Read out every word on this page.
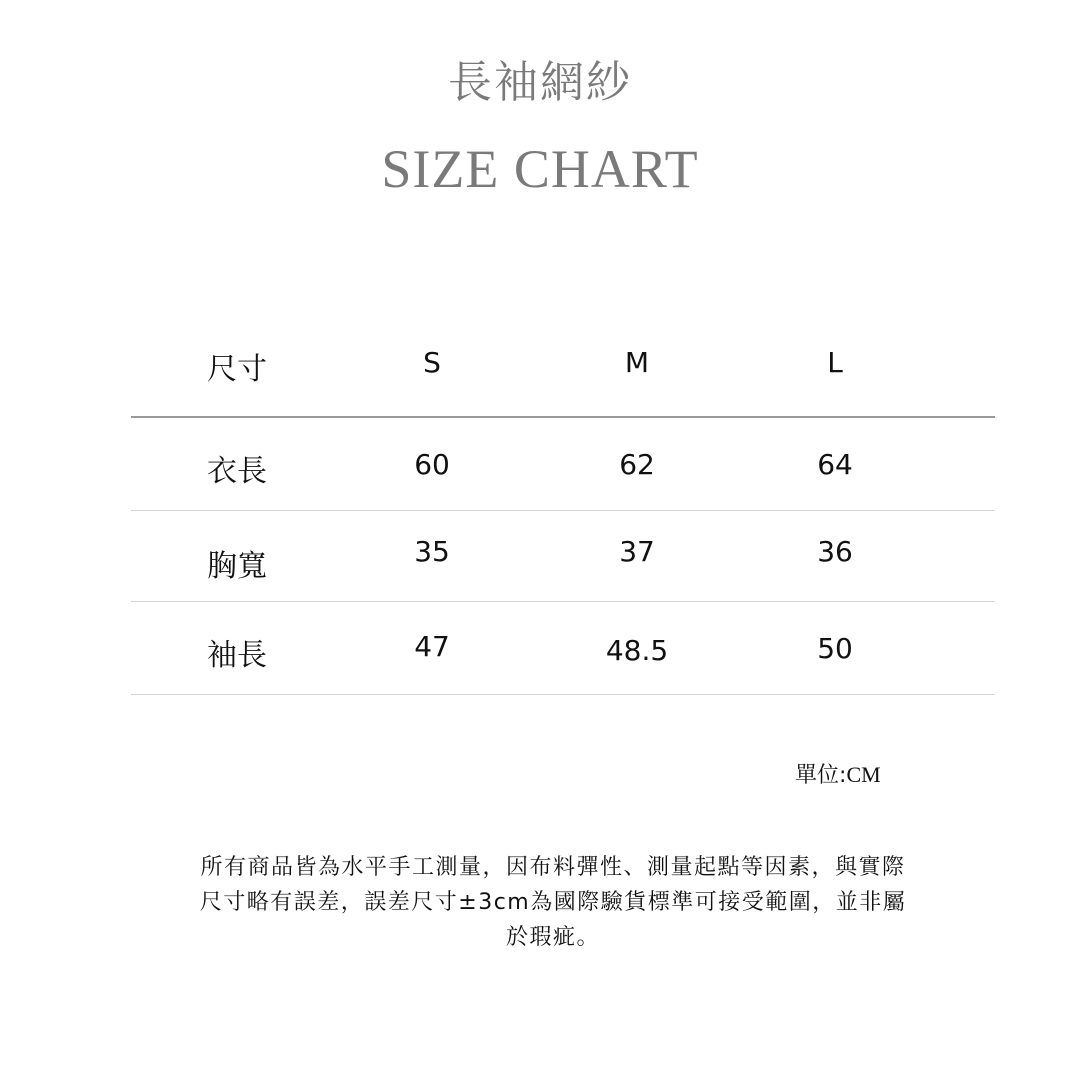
長袖網紗
SIZE CHART
尺寸	S	M	L
衣長	60	62	64
胸寬	35	37	36
袖長	47	48.5	50
單位:CM
所有商品皆為水平手工測量，因布料彈性、測量起點等因素，與實際
尺寸略有誤差，誤差尺寸±3cm為國際驗貨標準可接受範圍，並非屬
於瑕疵。
